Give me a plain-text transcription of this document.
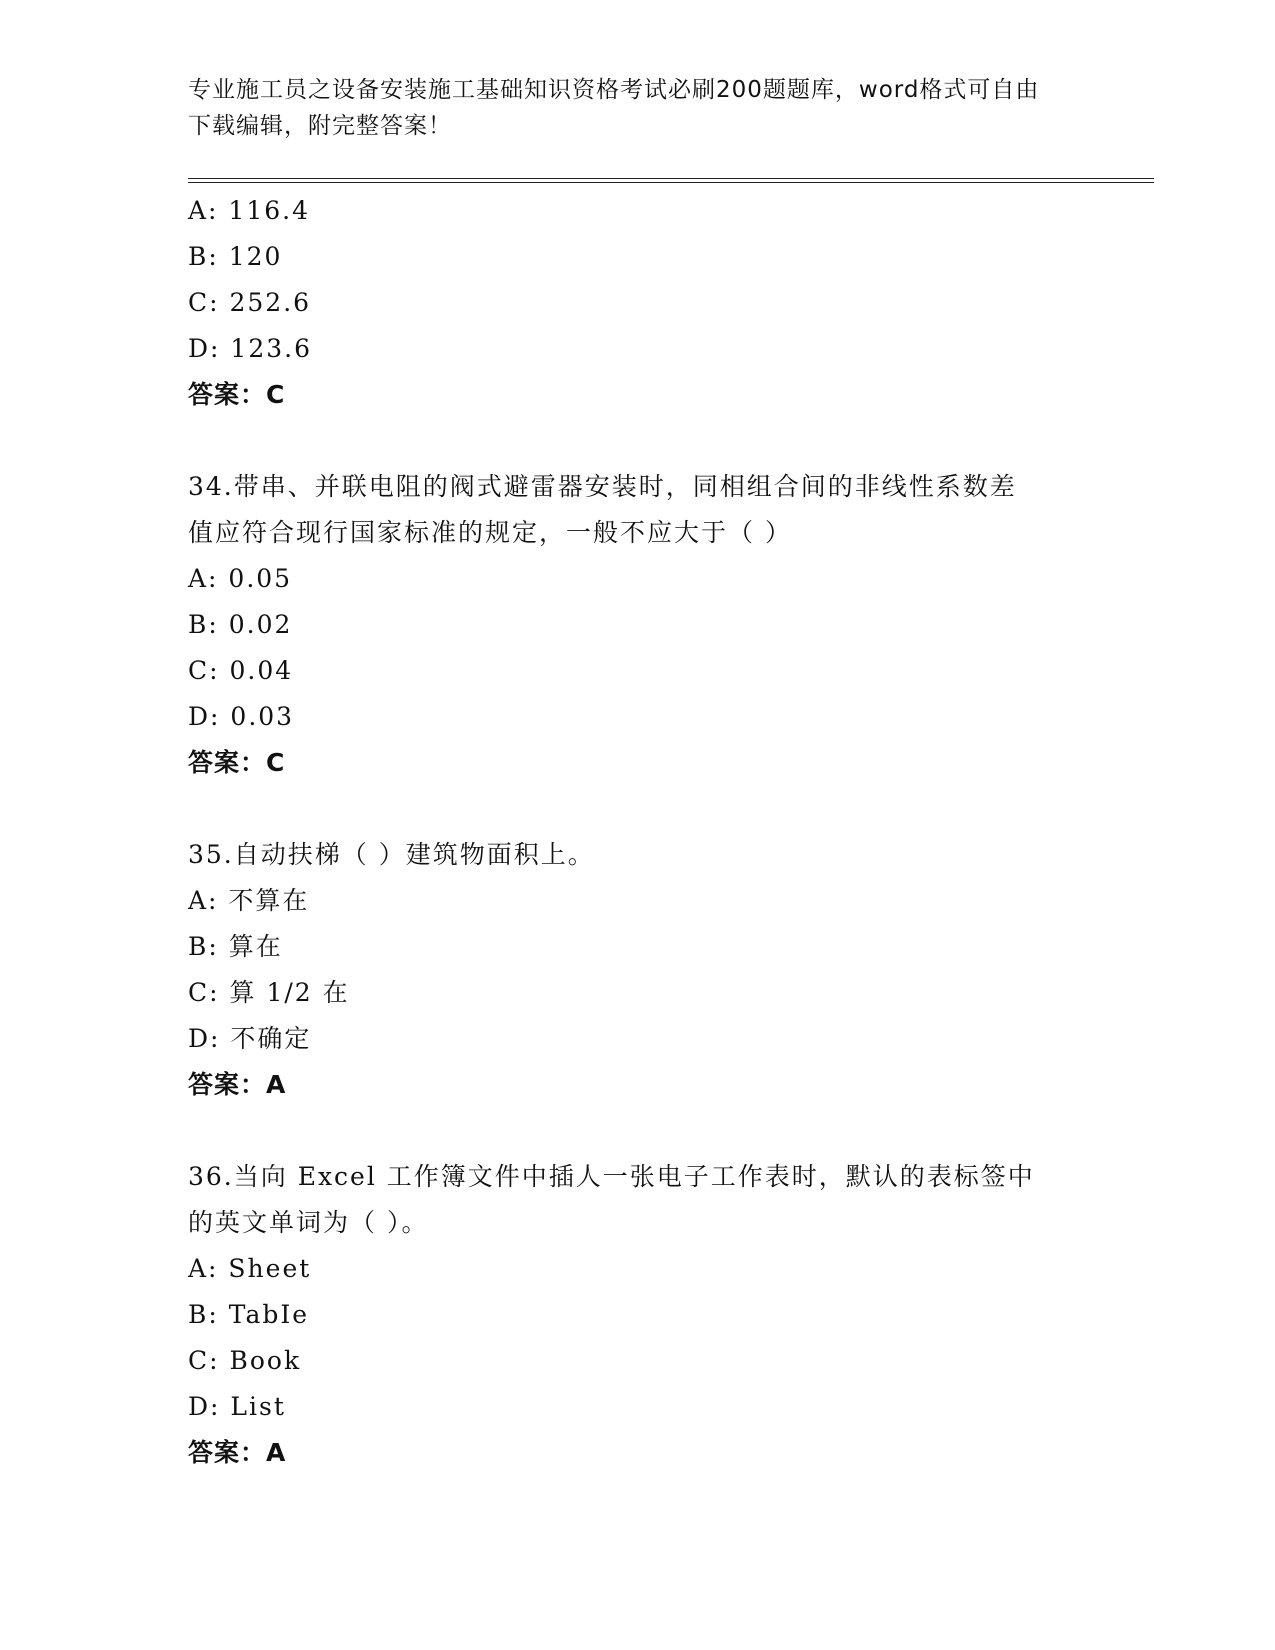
专业施工员之设备安装施工基础知识资格考试必刷200题题库，word格式可自由
下载编辑，附完整答案！
A: 116.4
B: 120
C: 252.6
D: 123.6
答案：C
34.带串、并联电阻的阀式避雷器安装时，同相组合间的非线性系数差
值应符合现行国家标准的规定，一般不应大于（ ）
A: 0.05
B: 0.02
C: 0.04
D: 0.03
答案：C
35.自动扶梯（ ）建筑物面积上。
A: 不算在
B: 算在
C: 算 1/2 在
D: 不确定
答案：A
36.当向 Excel 工作簿文件中插人一张电子工作表时，默认的表标签中
的英文单词为（ ）。
A: Sheet
B: TabIe
C: Book
D: List
答案：A
